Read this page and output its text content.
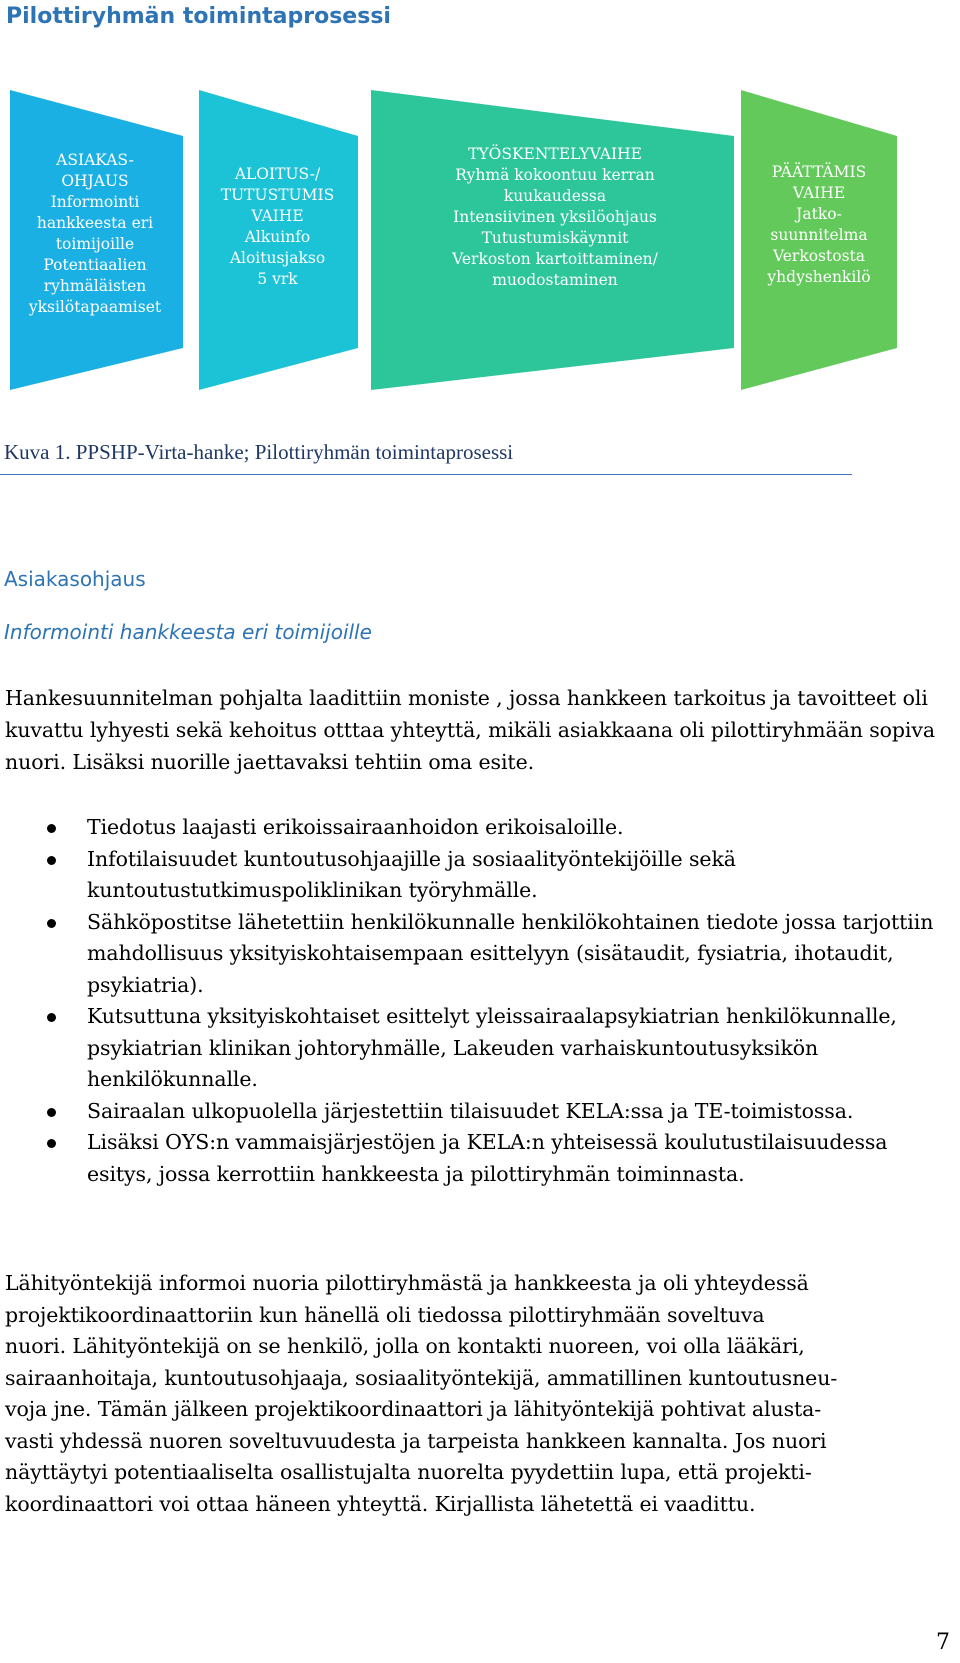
Pilottiryhmän toimintaprosessi
ASIAKAS-
OHJAUS
Informointi
hankkeesta eri
toimijoille
Potentiaalien
ryhmäläisten
yksilötapaamiset
ALOITUS-/
TUTUSTUMIS
VAIHE
Alkuinfo
Aloitusjakso
5 vrk
TYÖSKENTELYVAIHE
Ryhmä kokoontuu kerran
kuukaudessa
Intensiivinen yksilöohjaus
Tutustumiskäynnit
Verkoston kartoittaminen/
muodostaminen
PÄÄTTÄMIS
VAIHE
Jatko-
suunnitelma
Verkostosta
yhdyshenkilö
Kuva 1. PPSHP-Virta-hanke; Pilottiryhmän toimintaprosessi
Asiakasohjaus
Informointi hankkeesta eri toimijoille

Hankesuunnitelman pohjalta laadittiin moniste , jossa hankkeen tarkoitus ja tavoitteet oli kuvattu lyhyesti sekä kehoitus otttaa yhteyttä, mikäli asiakkaana oli pilottiryhmään sopiva nuori. Lisäksi nuorille jaettavaksi tehtiin oma esite.

Tiedotus laajasti erikoissairaanhoidon erikoisaloille.
Infotilaisuudet kuntoutusohjaajille ja sosiaalityöntekijöille sekä kuntoutustutkimuspoliklinikan työryhmälle.
Sähköpostitse lähetettiin henkilökunnalle henkilökohtainen tiedote jossa tarjottiin mahdollisuus yksityiskohtaisempaan esittelyyn (sisätaudit, fysiatria, ihotaudit, psykiatria).
Kutsuttuna yksityiskohtaiset esittelyt yleissairaalapsykiatrian henkilökunnalle, psykiatrian klinikan johtoryhmälle, Lakeuden varhaiskuntoutusyksikön henkilökunnalle.
Sairaalan ulkopuolella järjestettiin tilaisuudet KELA:ssa ja TE-toimistossa.
Lisäksi OYS:n vammaisjärjestöjen ja KELA:n yhteisessä koulutustilaisuudessa esitys, jossa kerrottiin hankkeesta ja pilottiryhmän toiminnasta.

Lähityöntekijä informoi nuoria pilottiryhmästä ja hankkeesta ja oli yhteydessä
projektikoordinaattoriin kun hänellä oli tiedossa pilottiryhmään soveltuva
nuori. Lähityöntekijä on se henkilö, jolla on kontakti nuoreen, voi olla lääkäri,
sairaanhoitaja, kuntoutusohjaaja, sosiaalityöntekijä, ammatillinen kuntoutusneu-
voja jne. Tämän jälkeen projektikoordinaattori ja lähityöntekijä pohtivat alusta-
vasti yhdessä nuoren soveltuvuudesta ja tarpeista hankkeen kannalta. Jos nuori
näyttäytyi potentiaaliselta osallistujalta nuorelta pyydettiin lupa, että projekti-
koordinaattori voi ottaa häneen yhteyttä. Kirjallista lähetettä ei vaadittu.

7
